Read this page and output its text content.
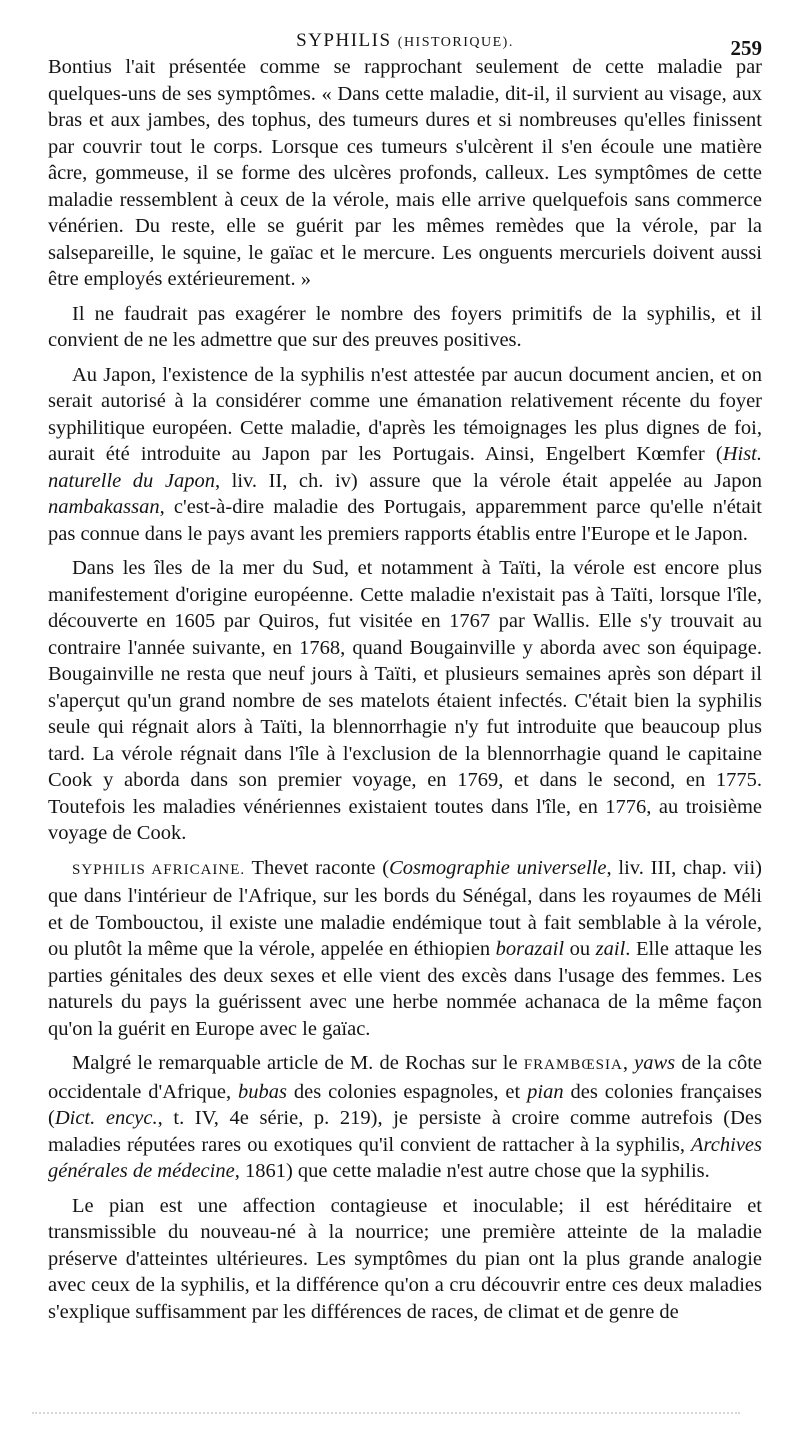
SYPHILIS (HISTORIQUE).	259

Bontius l'ait présentée comme se rapprochant seulement de cette maladie par quelques-uns de ses symptômes. « Dans cette maladie, dit-il, il survient au visage, aux bras et aux jambes, des tophus, des tumeurs dures et si nombreuses qu'elles finissent par couvrir tout le corps. Lorsque ces tumeurs s'ulcèrent il s'en écoule une matière âcre, gommeuse, il se forme des ulcères profonds, calleux. Les symptômes de cette maladie ressemblent à ceux de la vérole, mais elle arrive quelquefois sans commerce vénérien. Du reste, elle se guérit par les mêmes remèdes que la vérole, par la salsepareille, le squine, le gaïac et le mercure. Les onguents mercuriels doivent aussi être employés extérieurement. »

Il ne faudrait pas exagérer le nombre des foyers primitifs de la syphilis, et il convient de ne les admettre que sur des preuves positives.

Au Japon, l'existence de la syphilis n'est attestée par aucun document ancien, et on serait autorisé à la considérer comme une émanation relativement récente du foyer syphilitique européen. Cette maladie, d'après les témoignages les plus dignes de foi, aurait été introduite au Japon par les Portugais. Ainsi, Engelbert Kœmfer (Hist. naturelle du Japon, liv. II, ch. iv) assure que la vérole était appelée au Japon nambakassan, c'est-à-dire maladie des Portugais, apparemment parce qu'elle n'était pas connue dans le pays avant les premiers rapports établis entre l'Europe et le Japon.

Dans les îles de la mer du Sud, et notamment à Taïti, la vérole est encore plus manifestement d'origine européenne. Cette maladie n'existait pas à Taïti, lorsque l'île, découverte en 1605 par Quiros, fut visitée en 1767 par Wallis. Elle s'y trouvait au contraire l'année suivante, en 1768, quand Bougainville y aborda avec son équipage. Bougainville ne resta que neuf jours à Taïti, et plusieurs semaines après son départ il s'aperçut qu'un grand nombre de ses matelots étaient infectés. C'était bien la syphilis seule qui régnait alors à Taïti, la blennorrhagie n'y fut introduite que beaucoup plus tard. La vérole régnait dans l'île à l'exclusion de la blennorrhagie quand le capitaine Cook y aborda dans son premier voyage, en 1769, et dans le second, en 1775. Toutefois les maladies vénériennes existaient toutes dans l'île, en 1776, au troisième voyage de Cook.

SYPHILIS AFRICAINE. Thevet raconte (Cosmographie universelle, liv. III, chap. vii) que dans l'intérieur de l'Afrique, sur les bords du Sénégal, dans les royaumes de Méli et de Tombouctou, il existe une maladie endémique tout à fait semblable à la vérole, ou plutôt la même que la vérole, appelée en éthiopien borazail ou zail. Elle attaque les parties génitales des deux sexes et elle vient des excès dans l'usage des femmes. Les naturels du pays la guérissent avec une herbe nommée achanaca de la même façon qu'on la guérit en Europe avec le gaïac.

Malgré le remarquable article de M. de Rochas sur le FRAMBŒSIA, yaws de la côte occidentale d'Afrique, bubas des colonies espagnoles, et pian des colonies françaises (Dict. encyc., t. IV, 4e série, p. 219), je persiste à croire comme autrefois (Des maladies réputées rares ou exotiques qu'il convient de rattacher à la syphilis, Archives générales de médecine, 1861) que cette maladie n'est autre chose que la syphilis.

Le pian est une affection contagieuse et inoculable; il est héréditaire et transmissible du nouveau-né à la nourrice; une première atteinte de la maladie préserve d'atteintes ultérieures. Les symptômes du pian ont la plus grande analogie avec ceux de la syphilis, et la différence qu'on a cru découvrir entre ces deux maladies s'explique suffisamment par les différences de races, de climat et de genre de
